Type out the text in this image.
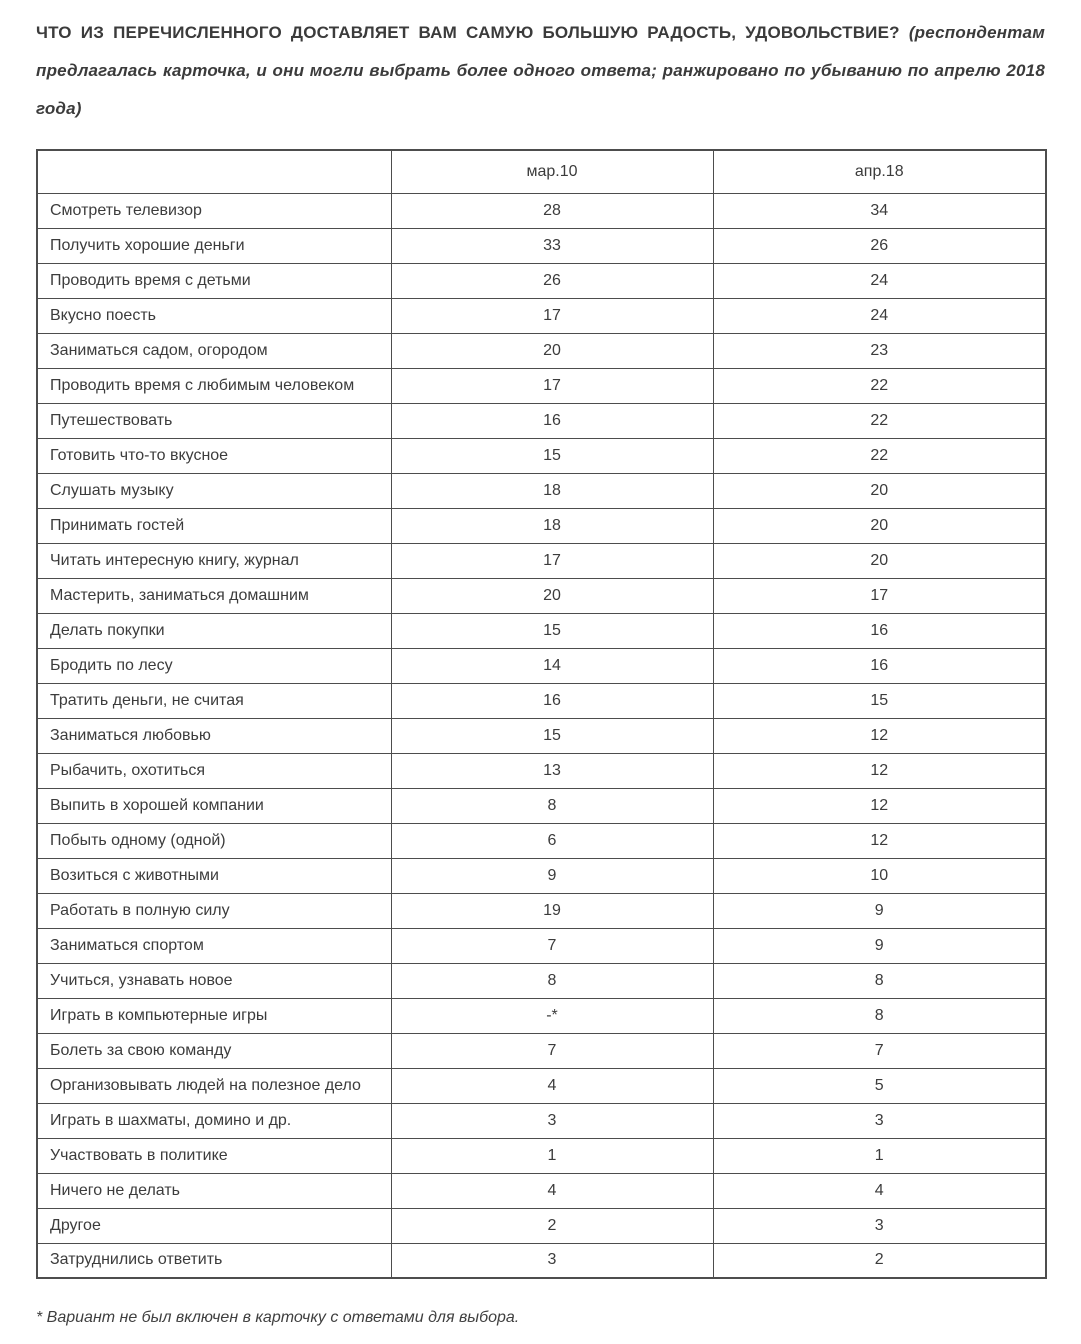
ЧТО ИЗ ПЕРЕЧИСЛЕННОГО ДОСТАВЛЯЕТ ВАМ САМУЮ БОЛЬШУЮ РАДОСТЬ, УДОВОЛЬСТВИЕ? (респондентам предлагалась карточка, и они могли выбрать более одного ответа; ранжировано по убыванию по апрелю 2018 года)

	мар.10	апр.18
Смотреть телевизор	28	34
Получить хорошие деньги	33	26
Проводить время с детьми	26	24
Вкусно поесть	17	24
Заниматься садом, огородом	20	23
Проводить время с любимым человеком	17	22
Путешествовать	16	22
Готовить что-то вкусное	15	22
Слушать музыку	18	20
Принимать гостей	18	20
Читать интересную книгу, журнал	17	20
Мастерить, заниматься домашним	20	17
Делать покупки	15	16
Бродить по лесу	14	16
Тратить деньги, не считая	16	15
Заниматься любовью	15	12
Рыбачить, охотиться	13	12
Выпить в хорошей компании	8	12
Побыть одному (одной)	6	12
Возиться с животными	9	10
Работать в полную силу	19	9
Заниматься спортом	7	9
Учиться, узнавать новое	8	8
Играть в компьютерные игры	-*	8
Болеть за свою команду	7	7
Организовывать людей на полезное дело	4	5
Играть в шахматы, домино и др.	3	3
Участвовать в политике	1	1
Ничего не делать	4	4
Другое	2	3
Затруднились ответить	3	2

* Вариант не был включен в карточку с ответами для выбора.
